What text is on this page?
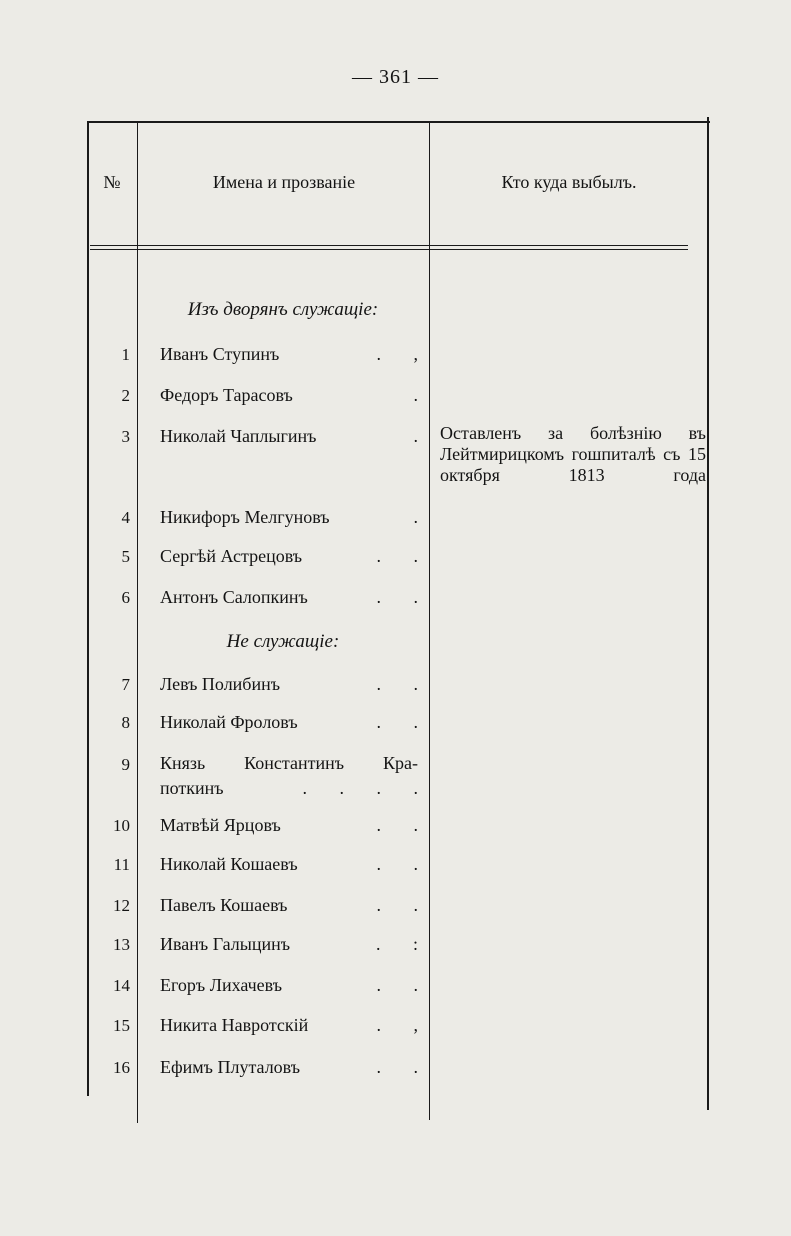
— 361 —
№	Имена и прозваніе	Кто куда выбылъ.
Изъ дворянъ служащіе:
1 Иванъ Ступинъ	. ,
2 Федоръ Тарасовъ	.
3 Николай Чаплыгинъ	. Оставленъ за болѣзнію въ Лейтмирицкомъ гошпиталѣ съ 15 октября 1813 года
4 Никифоръ Мелгуновъ	.
5 Сергѣй Астрецовъ	. .
6 Антонъ Салопкинъ	. .
Не служащіе:
7 Левъ Полибинъ	. .
8 Николай Фроловъ	. .
9 Князь Константинъ Кра-
поткинъ	. . . .
10 Матвѣй Ярцовъ	. .
11 Николай Кошаевъ	. .
12 Павелъ Кошаевъ	. .
13 Иванъ Галыцинъ	. :
14 Егоръ Лихачевъ	. .
15 Никита Навротскій	. ,
16 Ефимъ Плуталовъ	. .
